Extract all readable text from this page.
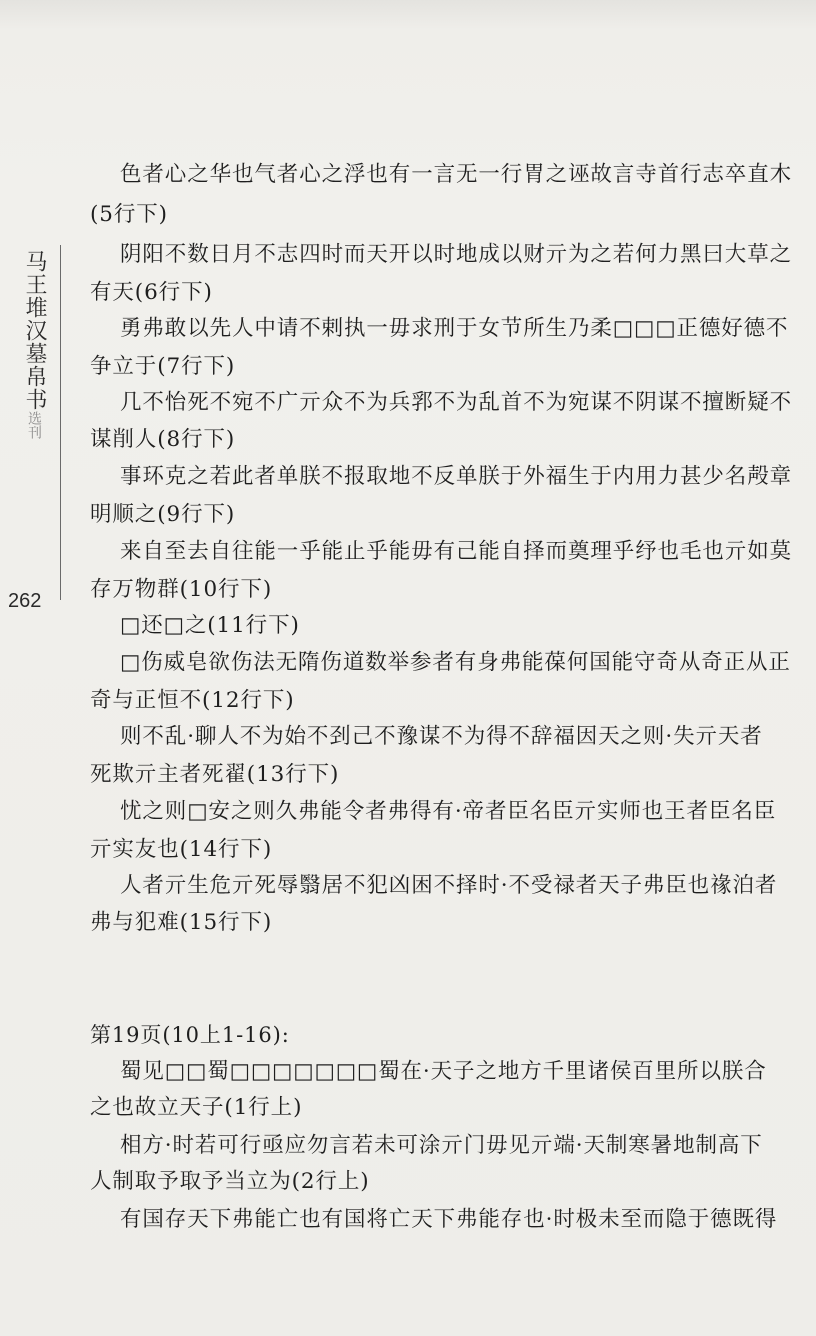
马王堆汉墓帛书选刊
262
色者心之华也气者心之浮也有一言无一行胃之诬故言寺首行志卒直木
(5行下)
阴阳不数日月不志四时而天开以时地成以财亓为之若何力黑曰大草之
有天(6行下)
勇弗敢以先人中请不剌执一毋求刑于女节所生乃柔□□□正德好德不
争立于(7行下)
几不怡死不宛不广亓众不为兵郛不为乱首不为宛谋不阴谋不擅断疑不
谋削人(8行下)
事环克之若此者单朕不报取地不反单朕于外福生于内用力甚少名殸章
明顺之(9行下)
来自至去自往能一乎能止乎能毋有己能自择而奠理乎纾也毛也亓如莫
存万物群(10行下)
□还□之(11行下)
□伤威皂欲伤法无隋伤道数举参者有身弗能葆何国能守奇从奇正从正
奇与正恒不(12行下)
则不乱·聊人不为始不刭己不豫谋不为得不辞福因天之则·失亓天者
死欺亓主者死翟(13行下)
忧之则□安之则久弗能令者弗得有·帝者臣名臣亓实师也王者臣名臣
亓实友也(14行下)
人者亓生危亓死辱翳居不犯凶困不择时·不受禄者天子弗臣也禒泊者
弗与犯难(15行下)
第19页(10上1-16):
蜀见□□蜀□□□□□□□蜀在·天子之地方千里诸侯百里所以朕合
之也故立天子(1行上)
相方·时若可行亟应勿言若未可涂亓门毋见亓端·天制寒暑地制高下
人制取予取予当立为(2行上)
有国存天下弗能亡也有国将亡天下弗能存也·时极未至而隐于德既得
